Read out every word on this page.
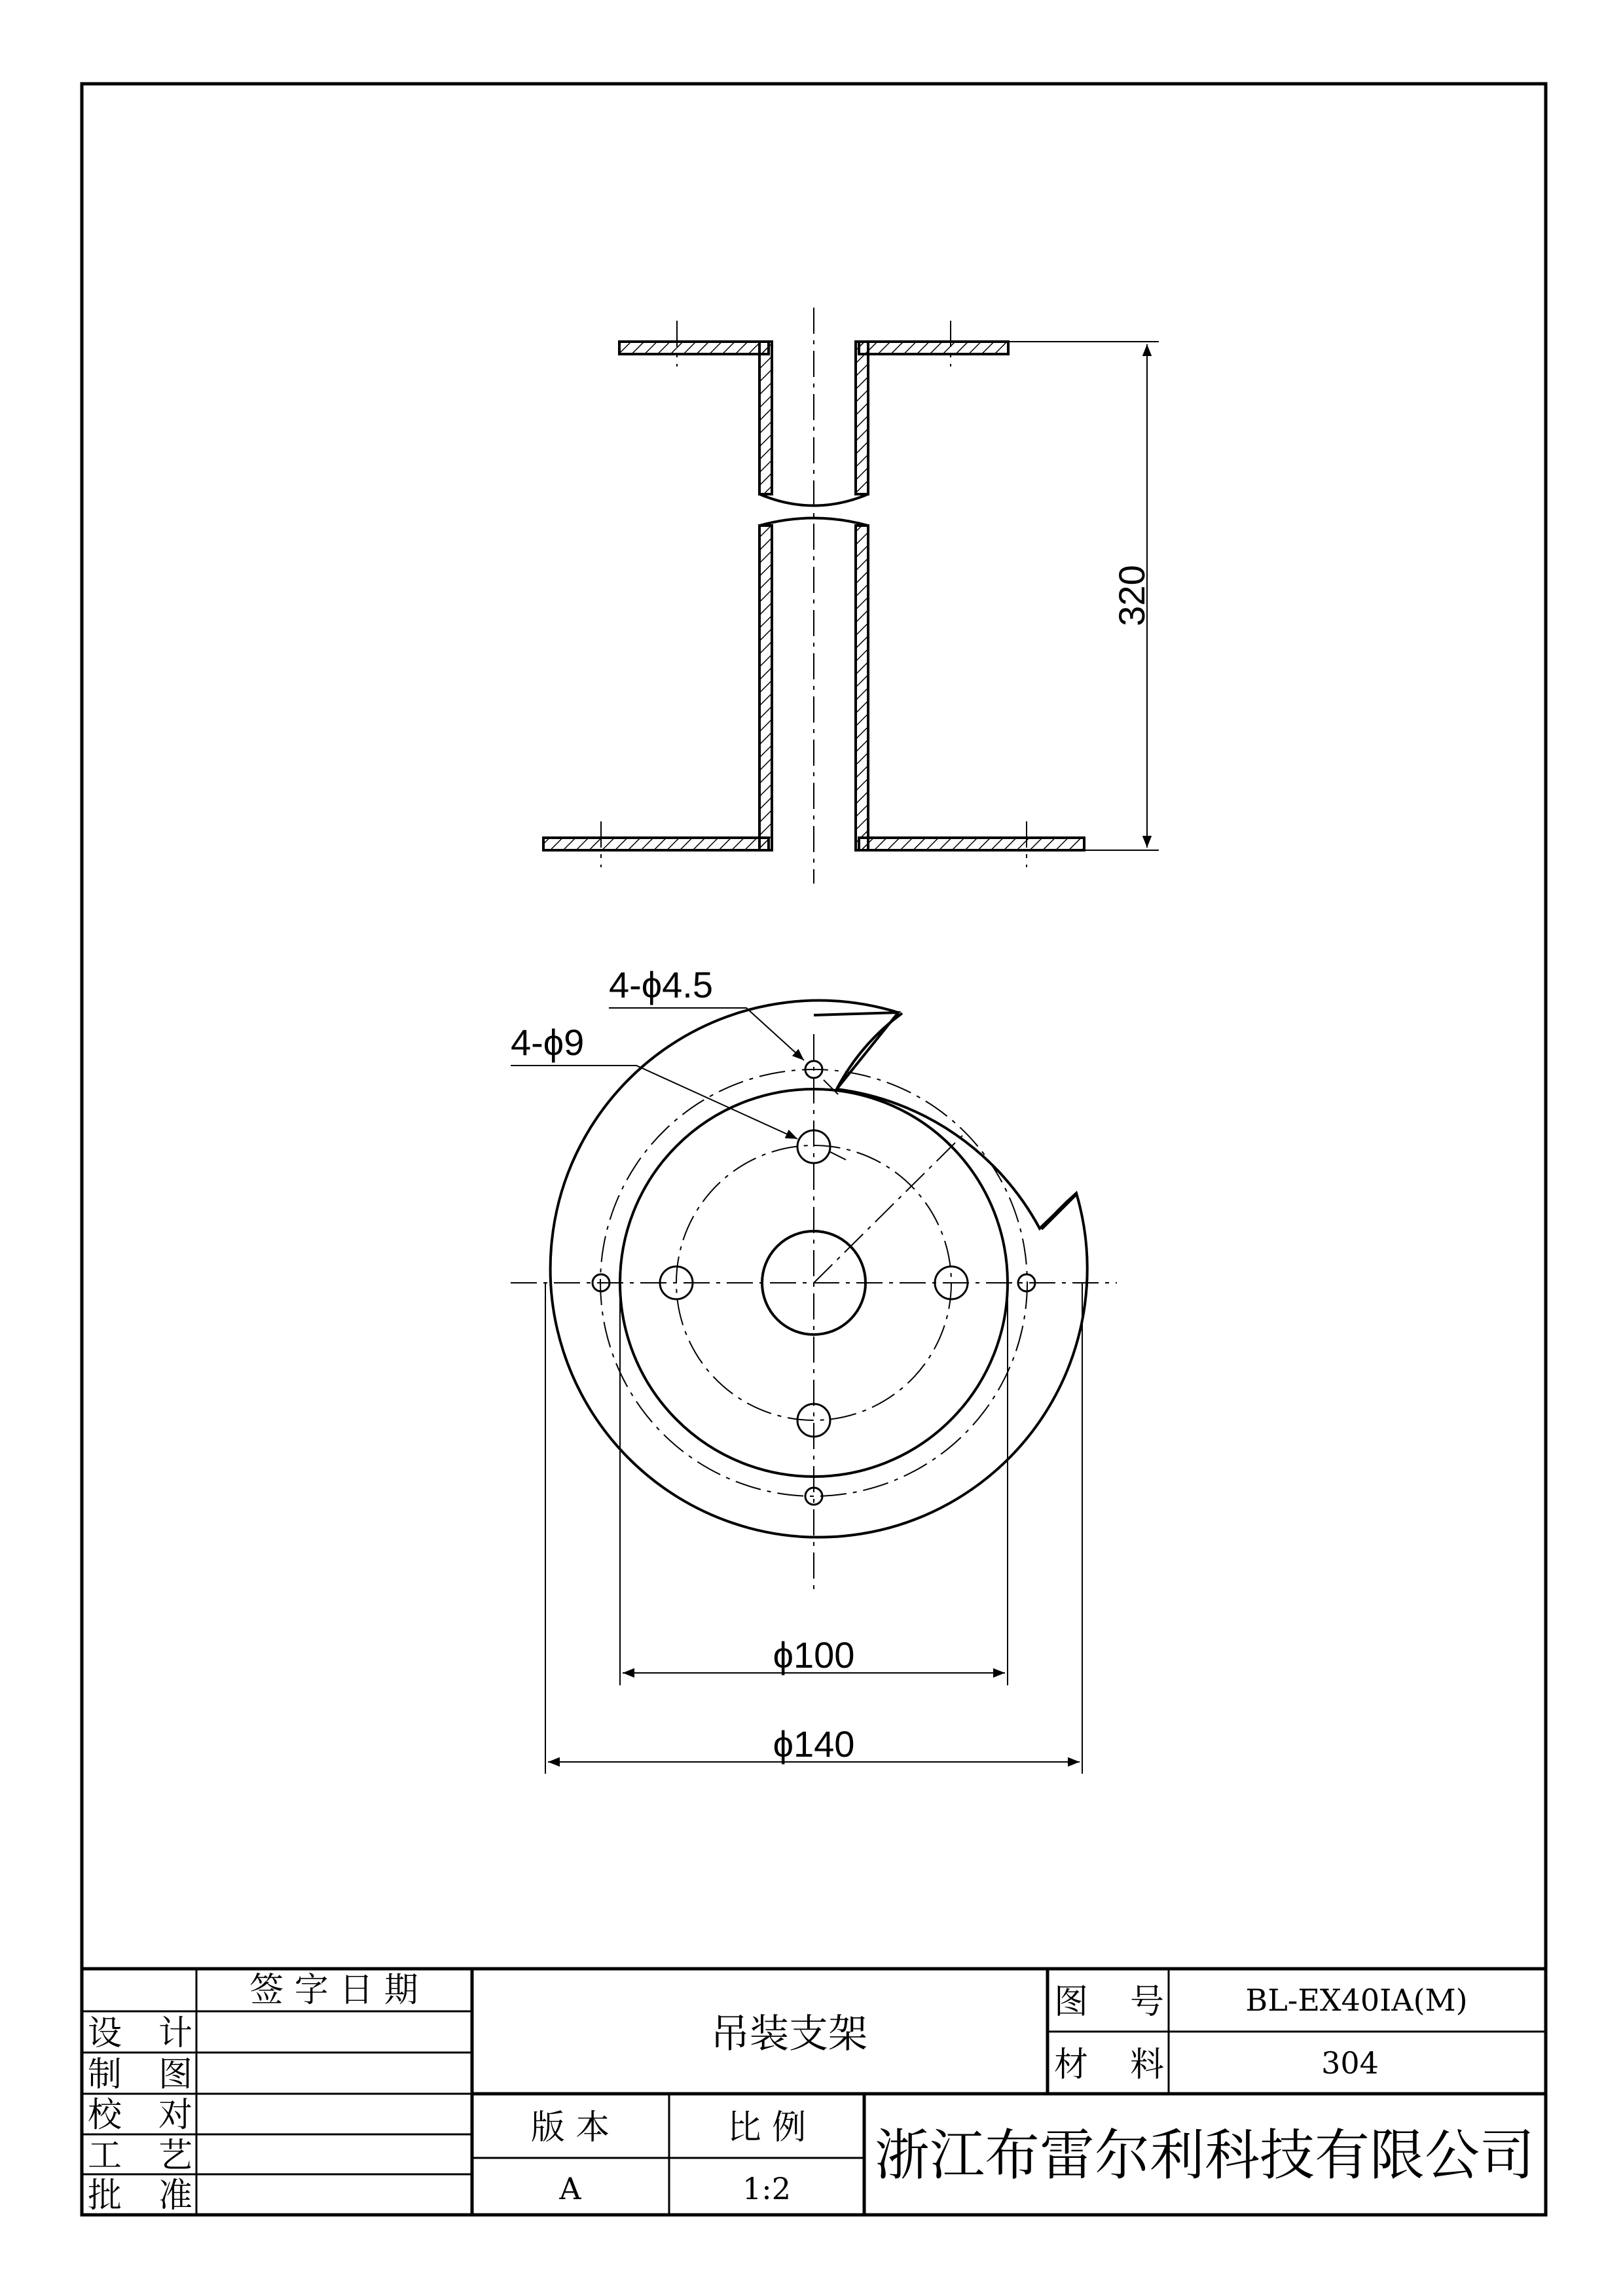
320
4-ϕ4.5
4-ϕ9
ϕ100
ϕ140
签 字 日 期
设 计
制 图
校 对
工 艺
批 准
吊装支架
图 号	BL-EX40IA(M)
材 料	304
版 本	比 例
A	1:2
浙江布雷尔利科技有限公司
